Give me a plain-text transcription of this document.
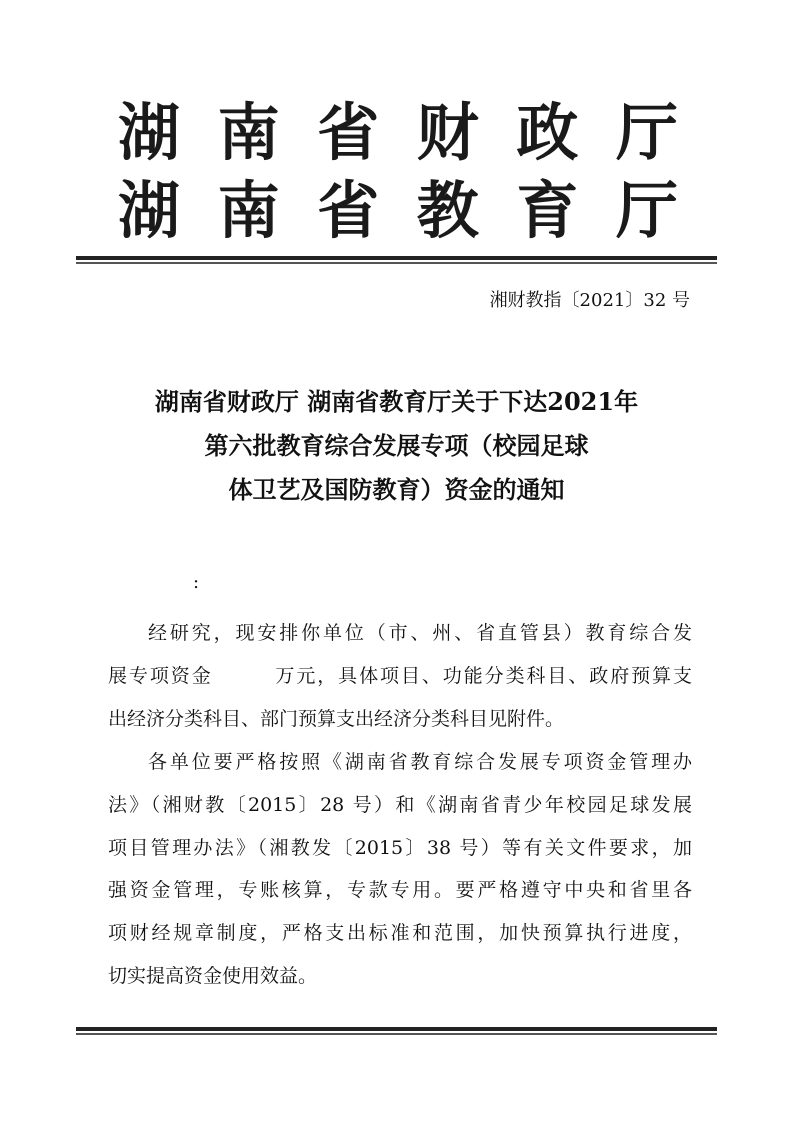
湖 南 省 财 政 厅
湖 南 省 教 育 厅
湘财教指〔2021〕32 号
湖南省财政厅 湖南省教育厅关于下达2021年
第六批教育综合发展专项（校园足球
体卫艺及国防教育）资金的通知
:
经研究，现安排你单位（市、州、省直管县）教育综合发
展专项资金　　　万元，具体项目、功能分类科目、政府预算支
出经济分类科目、部门预算支出经济分类科目见附件。
各单位要严格按照《湖南省教育综合发展专项资金管理办
法》（湘财教〔2015〕28 号）和《湖南省青少年校园足球发展
项目管理办法》（湘教发〔2015〕38 号）等有关文件要求，加
强资金管理，专账核算，专款专用。要严格遵守中央和省里各
项财经规章制度，严格支出标准和范围，加快预算执行进度，
切实提高资金使用效益。
